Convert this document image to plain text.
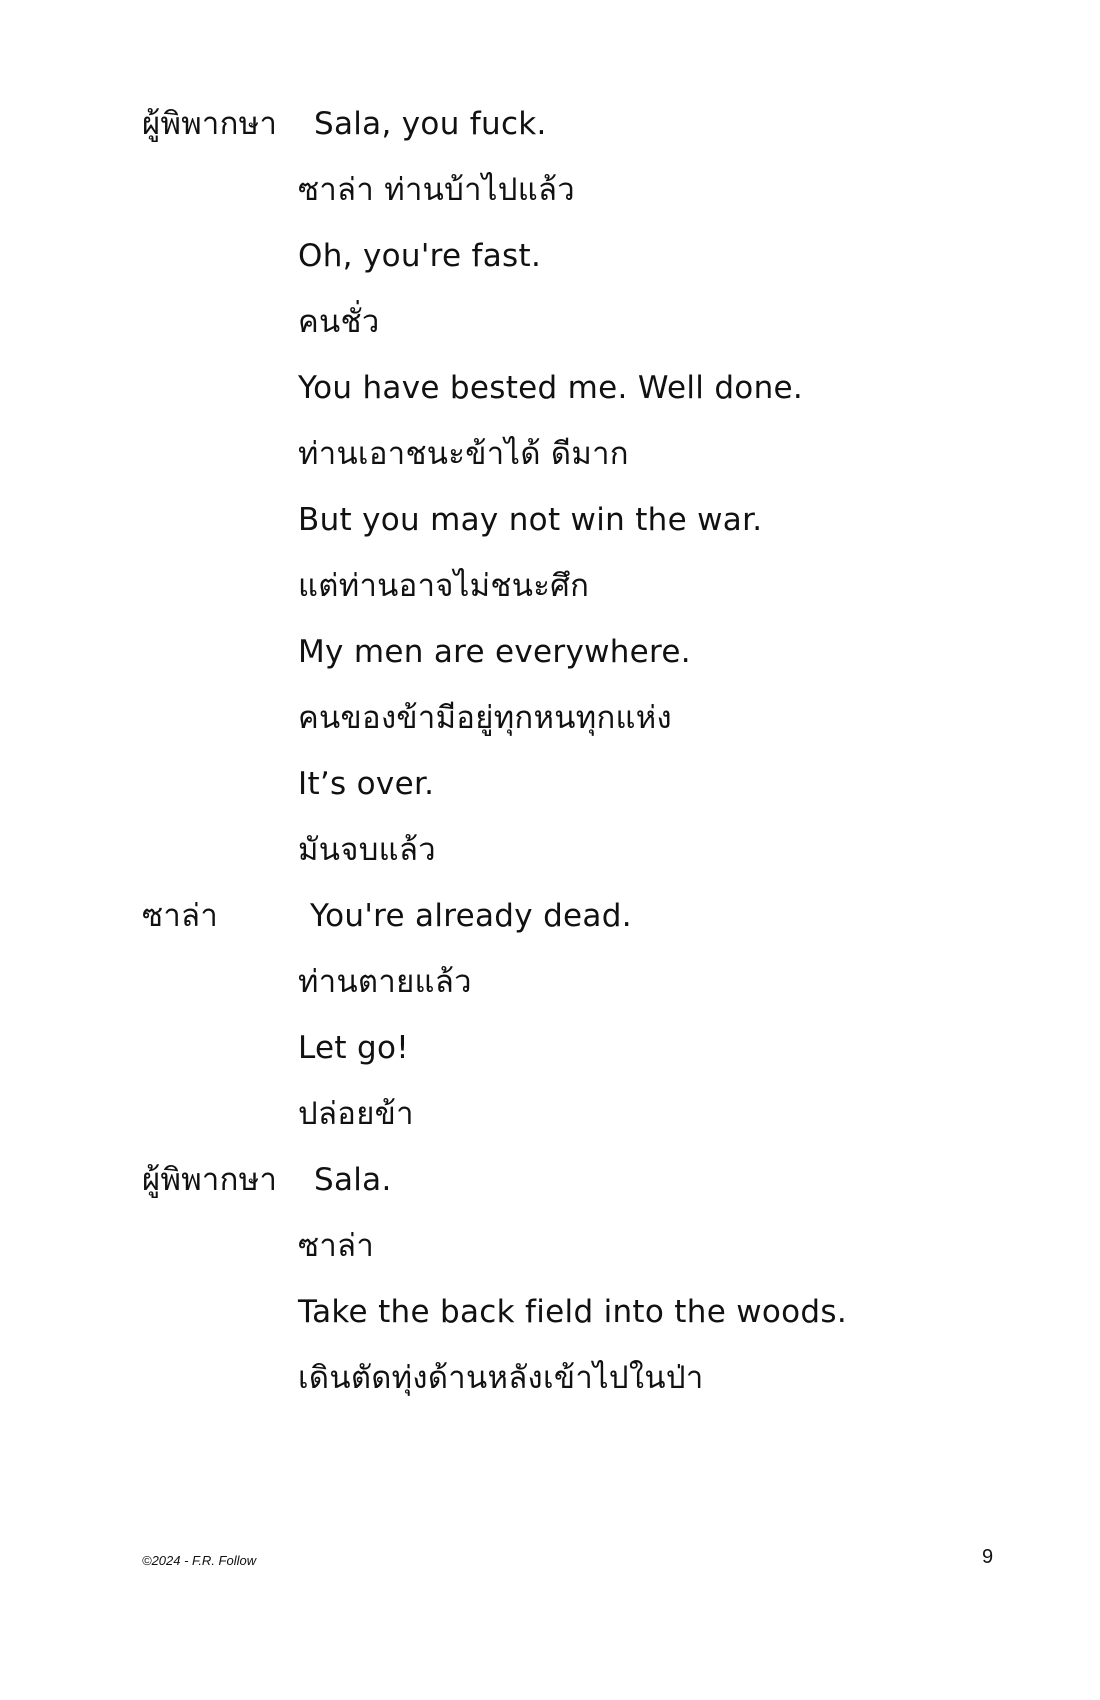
ผู้พิพากษา Sala, you fuck.
ซาล่า ท่านบ้าไปแล้ว
Oh, you're fast.
คนชั่ว
You have bested me. Well done.
ท่านเอาชนะข้าได้ ดีมาก
But you may not win the war.
แต่ท่านอาจไม่ชนะศึก
My men are everywhere.
คนของข้ามีอยู่ทุกหนทุกแห่ง
It’s over.
มันจบแล้ว
ซาล่า	You're already dead.
ท่านตายแล้ว
Let go!
ปล่อยข้า
ผู้พิพากษา Sala.
ซาล่า
Take the back field into the woods.
เดินตัดทุ่งด้านหลังเข้าไปในป่า
©2024 - F.R. Follow	9
